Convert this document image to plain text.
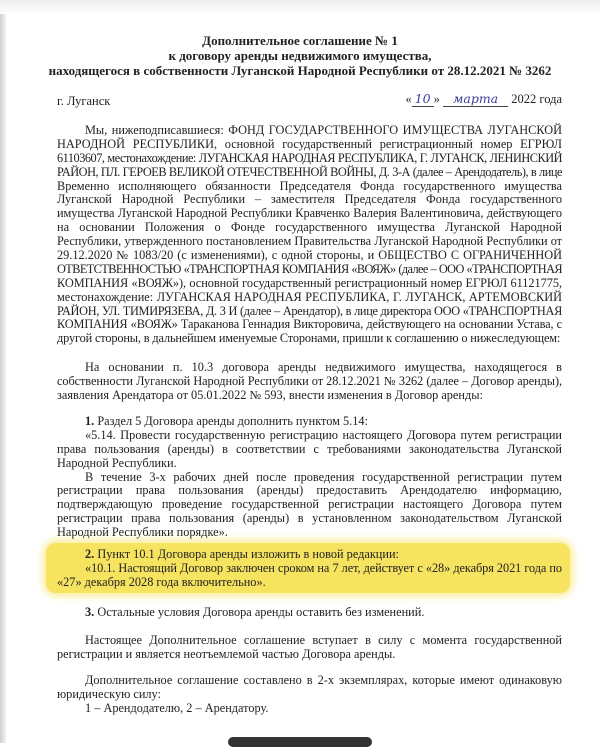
Дополнительное соглашение № 1
к договору аренды недвижимого имущества,
находящегося в собственности Луганской Народной Республики от 28.12.2021 № 3262
г. Луганск	« 10 » марта 2022 года
Мы, нижеподписавшиеся: ФОНД ГОСУДАРСТВЕННОГО ИМУЩЕСТВА ЛУГАНСКОЙ
НАРОДНОЙ РЕСПУБЛИКИ, основной государственный регистрационный номер ЕГРЮЛ
61103607, местонахождение: ЛУГАНСКАЯ НАРОДНАЯ РЕСПУБЛИКА, Г. ЛУГАНСК, ЛЕНИНСКИЙ
РАЙОН, ПЛ. ГЕРОЕВ ВЕЛИКОЙ ОТЕЧЕСТВЕННОЙ ВОЙНЫ, Д. 3-А (далее – Арендодатель), в лице
Временно исполняющего обязанности Председателя Фонда государственного имущества
Луганской Народной Республики – заместителя Председателя Фонда государственного
имущества Луганской Народной Республики Кравченко Валерия Валентиновича, действующего
на основании Положения о Фонде государственного имущества Луганской Народной
Республики, утвержденного постановлением Правительства Луганской Народной Республики от
29.12.2020 № 1083/20 (с изменениями), с одной стороны, и ОБЩЕСТВО С ОГРАНИЧЕННОЙ
ОТВЕТСТВЕННОСТЬЮ «ТРАНСПОРТНАЯ КОМПАНИЯ «ВОЯЖ» (далее – ООО «ТРАНСПОРТНАЯ
КОМПАНИЯ «ВОЯЖ»), основной государственный регистрационный номер ЕГРЮЛ 61121775,
местонахождение: ЛУГАНСКАЯ НАРОДНАЯ РЕСПУБЛИКА, Г. ЛУГАНСК, АРТЕМОВСКИЙ
РАЙОН, УЛ. ТИМИРЯЗЕВА, Д. 3 И (далее – Арендатор), в лице директора ООО «ТРАНСПОРТНАЯ
КОМПАНИЯ «ВОЯЖ» Тараканова Геннадия Викторовича, действующего на основании Устава, с
другой стороны, в дальнейшем именуемые Сторонами, пришли к соглашению о нижеследующем:
На основании п. 10.3 договора аренды недвижимого имущества, находящегося в
собственности Луганской Народной Республики от 28.12.2021 № 3262 (далее – Договор аренды),
заявления Арендатора от 05.01.2022 № 593, внести изменения в Договор аренды:
1. Раздел 5 Договора аренды дополнить пунктом 5.14:
«5.14. Провести государственную регистрацию настоящего Договора путем регистрации
права пользования (аренды) в соответствии с требованиями законодательства Луганской
Народной Республики.
В течение 3-х рабочих дней после проведения государственной регистрации путем
регистрации права пользования (аренды) предоставить Арендодателю информацию,
подтверждающую проведение государственной регистрации настоящего Договора путем
регистрации права пользования (аренды) в установленном законодательством Луганской
Народной Республики порядке».
2. Пункт 10.1 Договора аренды изложить в новой редакции:
«10.1. Настоящий Договор заключен сроком на 7 лет, действует с «28» декабря 2021 года по
«27» декабря 2028 года включительно».
3. Остальные условия Договора аренды оставить без изменений.
Настоящее Дополнительное соглашение вступает в силу с момента государственной
регистрации и является неотъемлемой частью Договора аренды.
Дополнительное соглашение составлено в 2-х экземплярах, которые имеют одинаковую
юридическую силу:
1 – Арендодателю, 2 – Арендатору.
